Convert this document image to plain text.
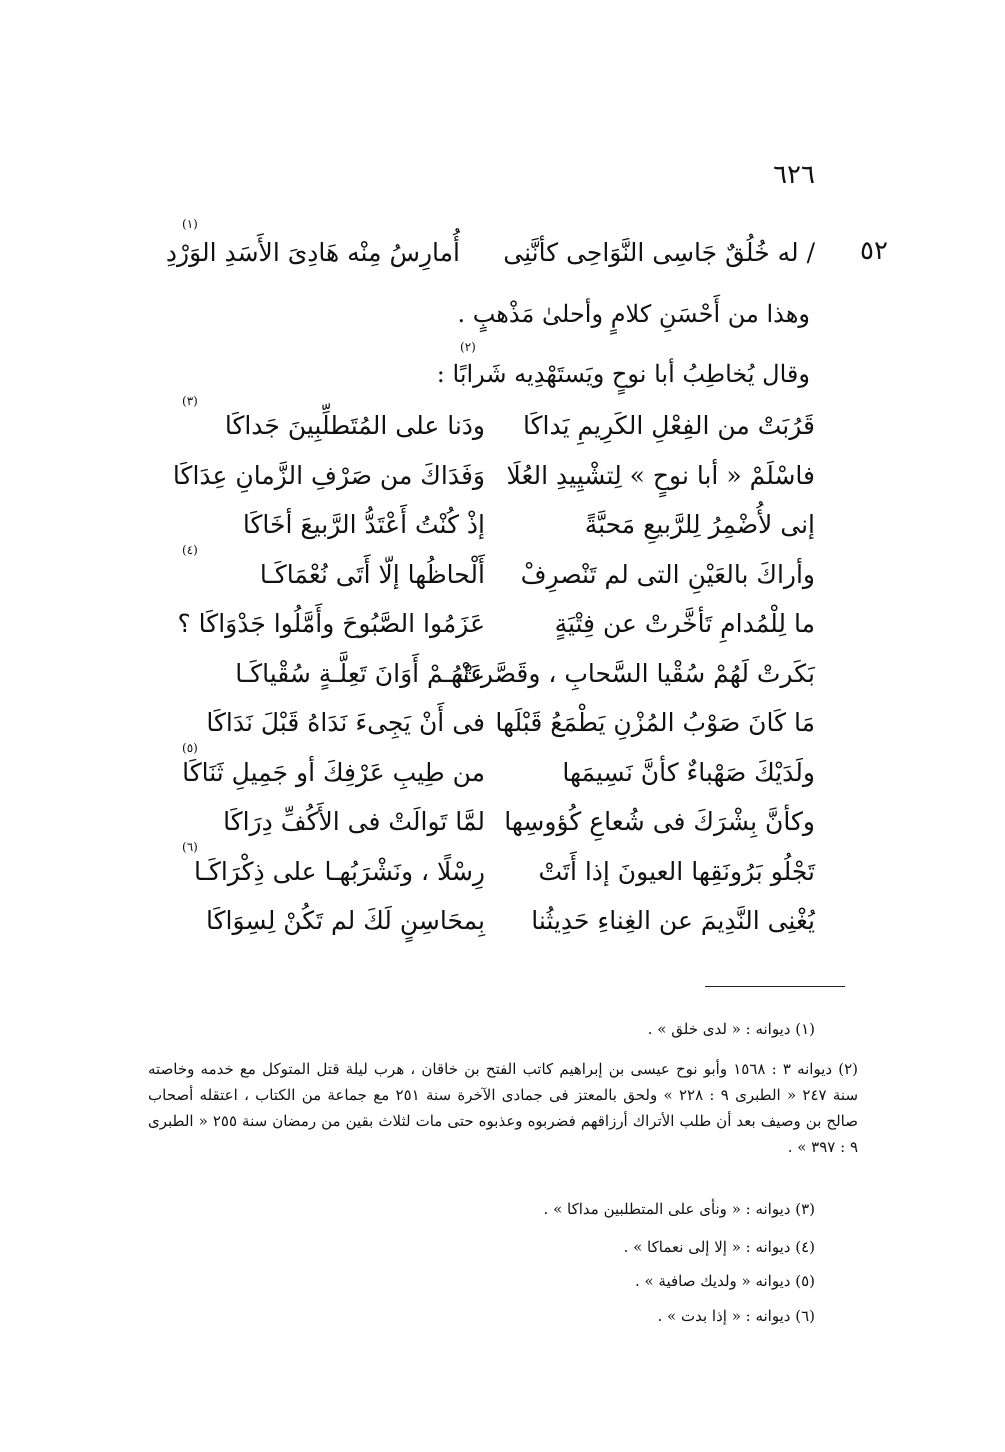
٦٢٦
٥٢
/ له خُلُقٌ جَاسِى النَّوَاحِى كأنَّنِى
أُمارِسُ مِنْه هَادِىَ الأَسَدِ الوَرْدِ
(١)
وهذا من أَحْسَنِ كلامٍ وأحلىٰ مَذْهبٍ .
وقال يُخاطِبُ أبا نوحٍ ويَستَهْدِيه شَرابًا :
(٢)
قَرُبَتْ من الفِعْلِ الكَرِيمِ يَداكَا
ودَنا على المُتَطلِّبِينَ جَداكَا
(٣)
فاسْلَمْ « أبا نوحٍ » لِتشْيِيدِ العُلَا
وَفَدَاكَ من صَرْفِ الزَّمانِ عِدَاكَا
إنى لأُضْمِرُ لِلرَّبيعِ مَحبَّةً
إذْ كُنْتُ أَعْتَدُّ الرَّبيعَ أخَاكَا
وأراكَ بالعَيْنِ التى لم تَنْصرِفْ
أَلْحاظُها إلّا أَتَى نُعْمَاكَـا
(٤)
ما لِلْمُدامِ تَأخَّرتْ عن فِتْيَةٍ
عَزَمُوا الصَّبُوحَ وأَمَّلُوا جَدْوَاكَا ؟
بَكَرتْ لَهُمْ سُقْيا السَّحابِ ، وقَصَّرتْ
عَنْهُـمْ أَوَانَ تَعِلَّـةٍ سُقْياكَـا
مَا كَانَ صَوْبُ المُزْنِ يَطْمَعُ قَبْلَها
فى أَنْ يَجِىءَ نَدَاهُ قَبْلَ نَدَاكَا
ولَدَيْكَ صَهْباءٌ كأنَّ نَسِيمَها
من طِيبِ عَرْفِكَ أو جَمِيلِ ثَنَاكَا
(٥)
وكأنَّ بِشْرَكَ فى شُعاعِ كُؤوسِها
لمَّا تَوالَتْ فى الأَكُفِّ دِرَاكَا
تَجْلُو بَرُونَقِها العيونَ إذا أَتَتْ
رِسْلًا ، ونَشْرَبُهـا على ذِكْرَاكَـا
(٦)
يُغْنِى النَّدِيمَ عن الغِناءِ حَدِيثُنا
بِمحَاسِنٍ لَكَ لم تَكُنْ لِسِوَاكَا
(١) ديوانه : « لدى خلق » .
(٢) ديوانه ٣ : ١٥٦٨ وأبو نوح عيسى بن إبراهيم كاتب الفتح بن خاقان ، هرب ليلة قتل المتوكل مع خدمه وخاصته سنة ٢٤٧ « الطبرى ٩ : ٢٢٨ » ولحق بالمعتز فى جمادى الآخرة سنة ٢٥١ مع جماعة من الكتاب ، اعتقله أصحاب صالح بن وصيف بعد أن طلب الأتراك أرزاقهم فضربوه وعذبوه حتى مات لثلاث بقين من رمضان سنة ٢٥٥ « الطبرى ٩ : ٣٩٧ » .
(٣) ديوانه : « ونأى على المتطلبين مداكا » .
(٤) ديوانه : « إلا إلى نعماكا » .
(٥) ديوانه « ولديك صافية » .
(٦) ديوانه : « إذا بدت » .
